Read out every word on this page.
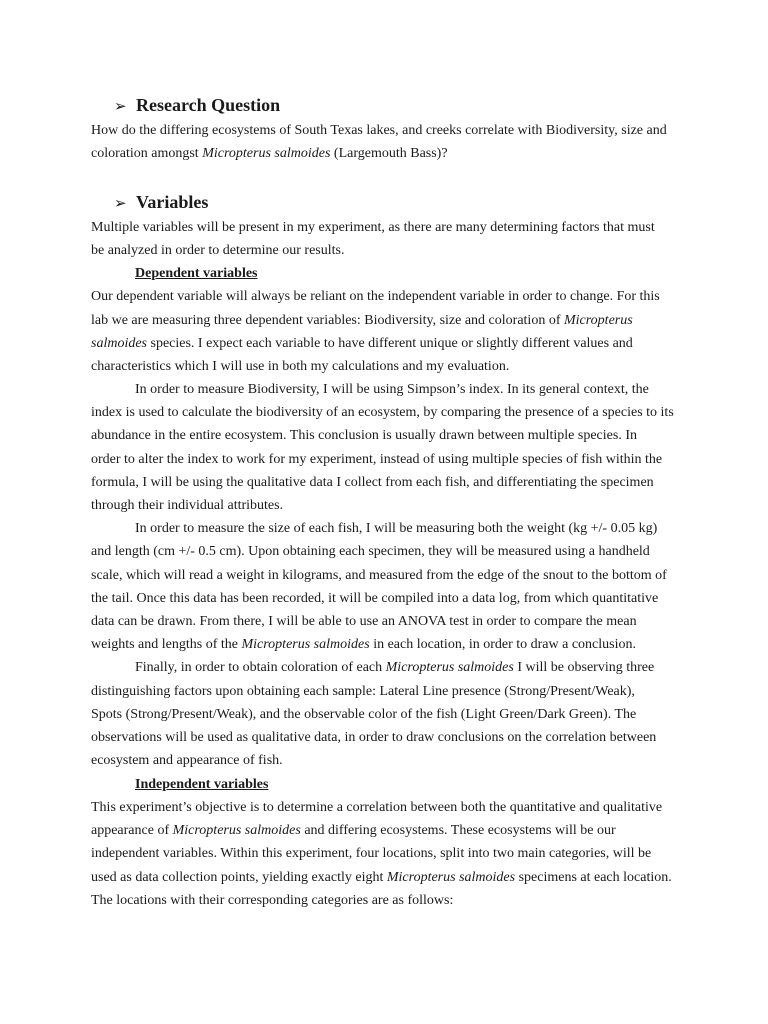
➢ Research Question
How do the differing ecosystems of South Texas lakes, and creeks correlate with Biodiversity, size and
coloration amongst Micropterus salmoides (Largemouth Bass)?
➢ Variables
Multiple variables will be present in my experiment, as there are many determining factors that must
be analyzed in order to determine our results.
Dependent variables
Our dependent variable will always be reliant on the independent variable in order to change. For this
lab we are measuring three dependent variables: Biodiversity, size and coloration of Micropterus
salmoides species. I expect each variable to have different unique or slightly different values and
characteristics which I will use in both my calculations and my evaluation.
In order to measure Biodiversity, I will be using Simpson’s index. In its general context, the
index is used to calculate the biodiversity of an ecosystem, by comparing the presence of a species to its
abundance in the entire ecosystem. This conclusion is usually drawn between multiple species. In
order to alter the index to work for my experiment, instead of using multiple species of fish within the
formula, I will be using the qualitative data I collect from each fish, and differentiating the specimen
through their individual attributes.
In order to measure the size of each fish, I will be measuring both the weight (kg +/- 0.05 kg)
and length (cm +/- 0.5 cm). Upon obtaining each specimen, they will be measured using a handheld
scale, which will read a weight in kilograms, and measured from the edge of the snout to the bottom of
the tail. Once this data has been recorded, it will be compiled into a data log, from which quantitative
data can be drawn. From there, I will be able to use an ANOVA test in order to compare the mean
weights and lengths of the Micropterus salmoides in each location, in order to draw a conclusion.
Finally, in order to obtain coloration of each Micropterus salmoides I will be observing three
distinguishing factors upon obtaining each sample: Lateral Line presence (Strong/Present/Weak),
Spots (Strong/Present/Weak), and the observable color of the fish (Light Green/Dark Green). The
observations will be used as qualitative data, in order to draw conclusions on the correlation between
ecosystem and appearance of fish.
Independent variables
This experiment’s objective is to determine a correlation between both the quantitative and qualitative
appearance of Micropterus salmoides and differing ecosystems. These ecosystems will be our
independent variables. Within this experiment, four locations, split into two main categories, will be
used as data collection points, yielding exactly eight Micropterus salmoides specimens at each location.
The locations with their corresponding categories are as follows:
